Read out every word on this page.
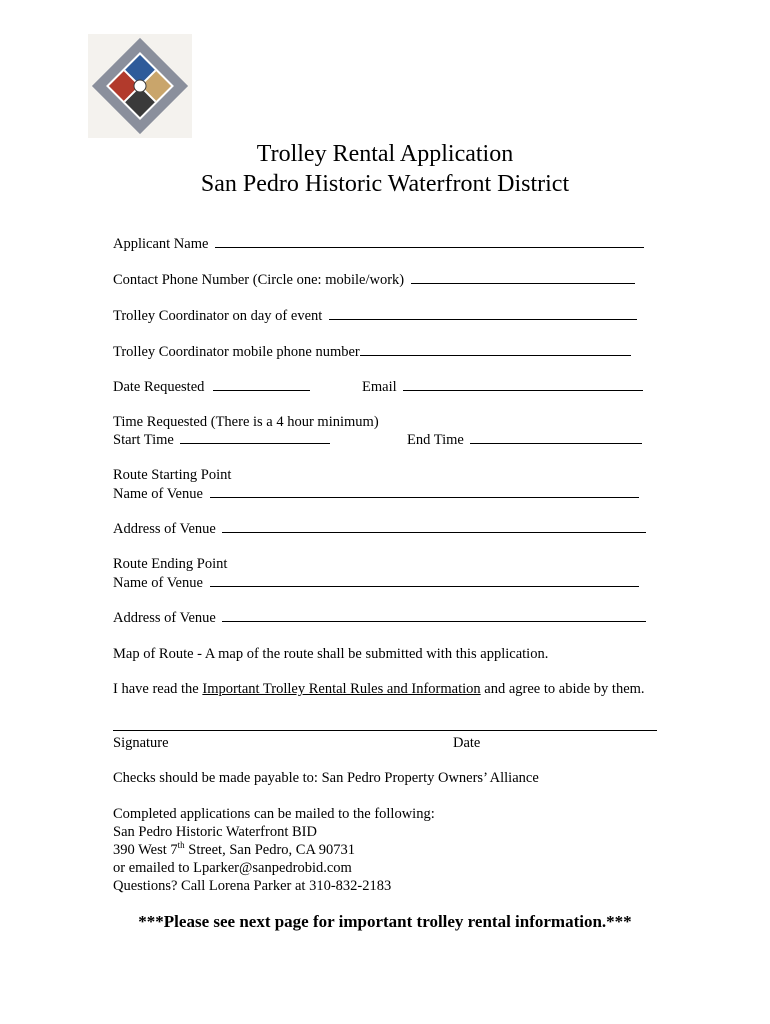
Trolley Rental Application
San Pedro Historic Waterfront District
Applicant Name
Contact Phone Number (Circle one: mobile/work)
Trolley Coordinator on day of event
Trolley Coordinator mobile phone number
Date Requested	Email
Time Requested (There is a 4 hour minimum)
Start Time	End Time
Route Starting Point
Name of Venue
Address of Venue
Route Ending Point
Name of Venue
Address of Venue
Map of Route - A map of the route shall be submitted with this application.
I have read the Important Trolley Rental Rules and Information and agree to abide by them.
Signature	Date
Checks should be made payable to: San Pedro Property Owners’ Alliance
Completed applications can be mailed to the following:
San Pedro Historic Waterfront BID
390 West 7th Street, San Pedro, CA 90731
or emailed to Lparker@sanpedrobid.com
Questions? Call Lorena Parker at 310-832-2183
***Please see next page for important trolley rental information.***
